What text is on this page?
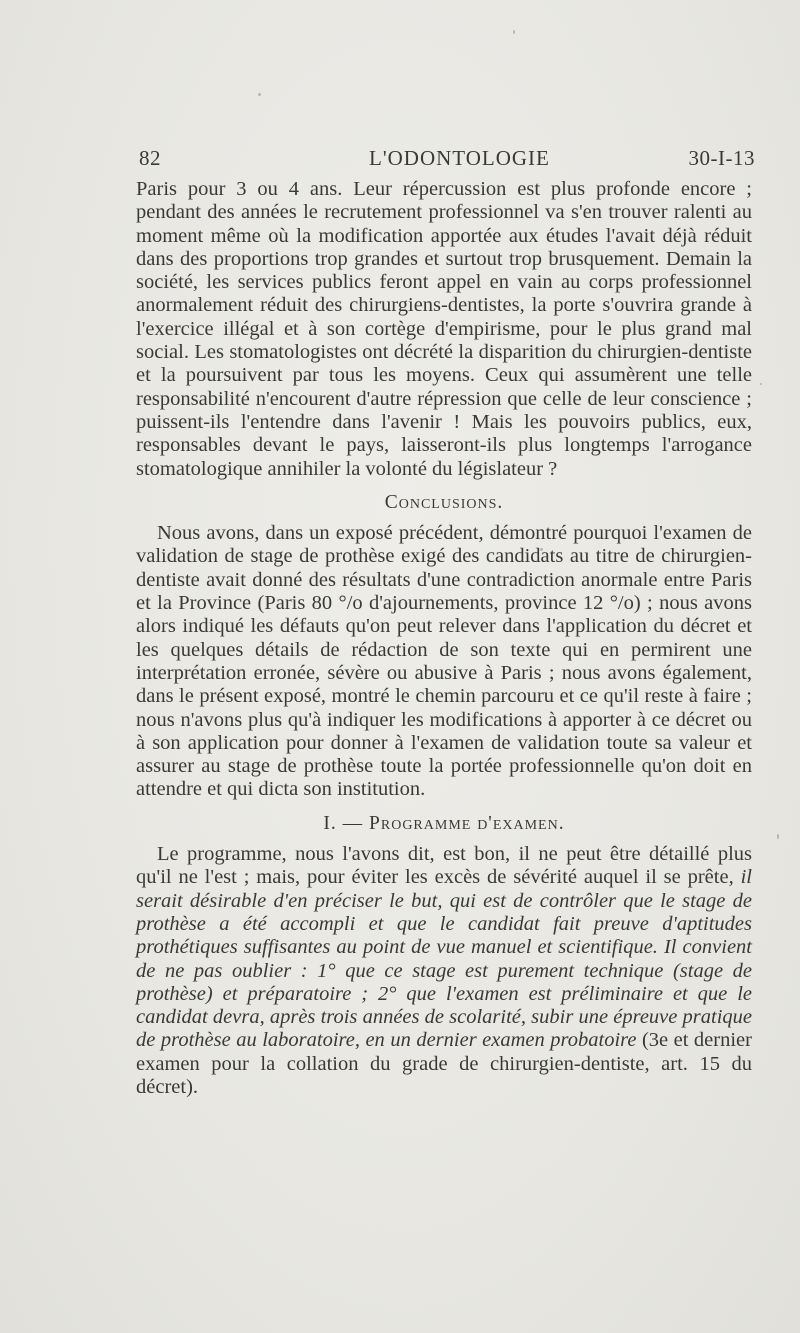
82	L'ODONTOLOGIE	30-I-13

Paris pour 3 ou 4 ans. Leur répercussion est plus profonde encore ; pendant des années le recrutement professionnel va s'en trouver ralenti au moment même où la modification apportée aux études l'avait déjà réduit dans des proportions trop grandes et surtout trop brusquement. Demain la société, les services publics feront appel en vain au corps professionnel anormalement réduit des chirurgiens-dentistes, la porte s'ouvrira grande à l'exercice illégal et à son cortège d'empirisme, pour le plus grand mal social. Les stomatologistes ont décrété la disparition du chirurgien-dentiste et la poursuivent par tous les moyens. Ceux qui assumèrent une telle responsabilité n'encourent d'autre répression que celle de leur conscience ; puissent-ils l'entendre dans l'avenir ! Mais les pouvoirs publics, eux, responsables devant le pays, laisseront-ils plus longtemps l'arrogance stomatologique annihiler la volonté du législateur ?

Conclusions.

Nous avons, dans un exposé précédent, démontré pourquoi l'examen de validation de stage de prothèse exigé des candidats au titre de chirurgien-dentiste avait donné des résultats d'une contradiction anormale entre Paris et la Province (Paris 80 °/o d'ajournements, province 12 °/o) ; nous avons alors indiqué les défauts qu'on peut relever dans l'application du décret et les quelques détails de rédaction de son texte qui en permirent une interprétation erronée, sévère ou abusive à Paris ; nous avons également, dans le présent exposé, montré le chemin parcouru et ce qu'il reste à faire ; nous n'avons plus qu'à indiquer les modifications à apporter à ce décret ou à son application pour donner à l'examen de validation toute sa valeur et assurer au stage de prothèse toute la portée professionnelle qu'on doit en attendre et qui dicta son institution.

I. — Programme d'examen.

Le programme, nous l'avons dit, est bon, il ne peut être détaillé plus qu'il ne l'est ; mais, pour éviter les excès de sévérité auquel il se prête, il serait désirable d'en préciser le but, qui est de contrôler que le stage de prothèse a été accompli et que le candidat fait preuve d'aptitudes prothétiques suffisantes au point de vue manuel et scientifique. Il convient de ne pas oublier : 1° que ce stage est purement technique (stage de prothèse) et préparatoire ; 2° que l'examen est préliminaire et que le candidat devra, après trois années de scolarité, subir une épreuve pratique de prothèse au laboratoire, en un dernier examen probatoire (3e et dernier examen pour la collation du grade de chirurgien-dentiste, art. 15 du décret).
